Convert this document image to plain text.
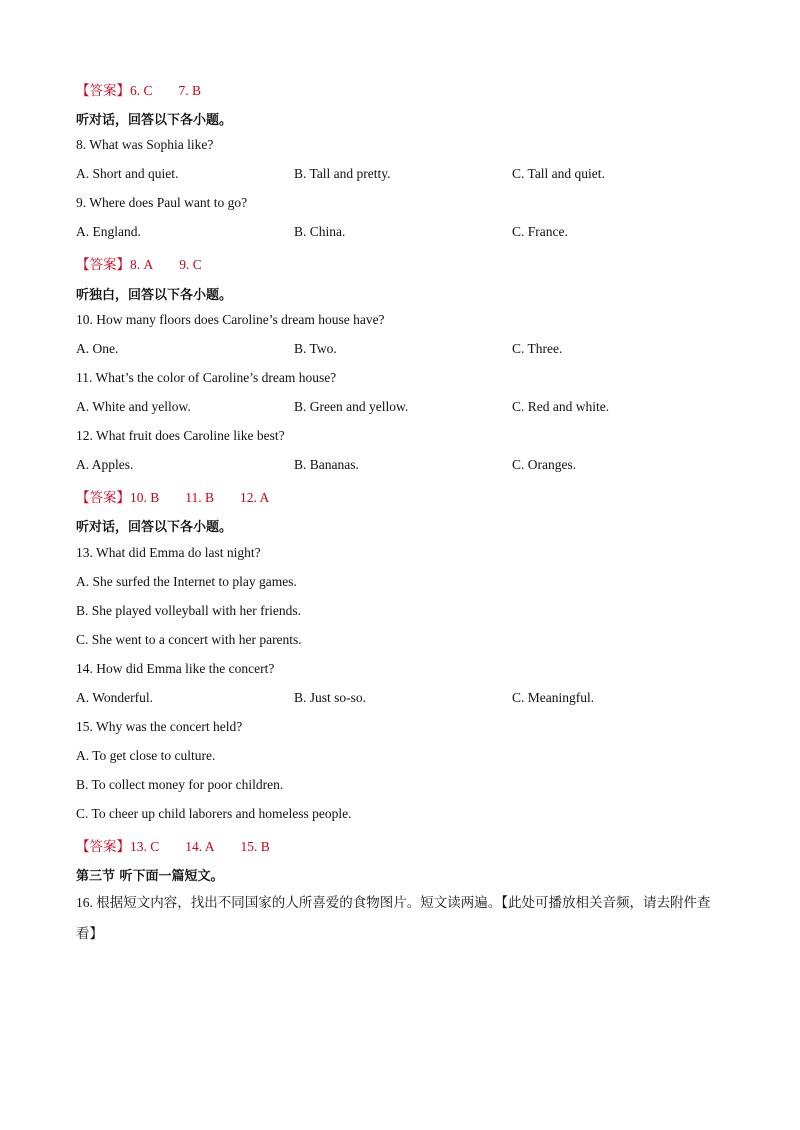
【答案】6. C 7. B
听对话，回答以下各小题。
8. What was Sophia like?
A. Short and quiet.	B. Tall and pretty.	C. Tall and quiet.
9. Where does Paul want to go?
A. England.	B. China.	C. France.
【答案】8. A 9. C
听独白，回答以下各小题。
10. How many floors does Caroline’s dream house have?
A. One.	B. Two.	C. Three.
11. What’s the color of Caroline’s dream house?
A. White and yellow.	B. Green and yellow.	C. Red and white.
12. What fruit does Caroline like best?
A. Apples.	B. Bananas.	C. Oranges.
【答案】10. B 11. B 12. A
听对话，回答以下各小题。
13. What did Emma do last night?
A. She surfed the Internet to play games.
B. She played volleyball with her friends.
C. She went to a concert with her parents.
14. How did Emma like the concert?
A. Wonderful.	B. Just so-so.	C. Meaningful.
15. Why was the concert held?
A. To get close to culture.
B. To collect money for poor children.
C. To cheer up child laborers and homeless people.
【答案】13. C 14. A 15. B
第三节 听下面一篇短文。
16. 根据短文内容，找出不同国家的人所喜爱的食物图片。短文读两遍。【此处可播放相关音频，请去附件查看】
